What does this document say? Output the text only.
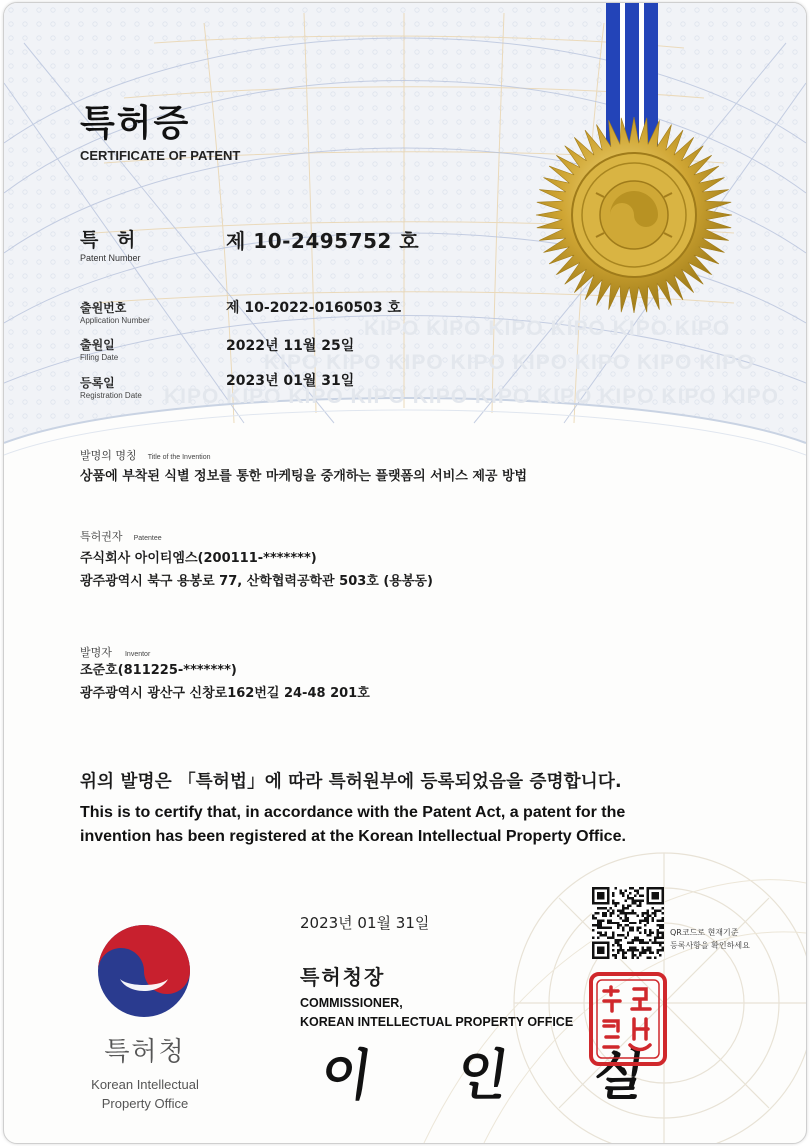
KIPO KIPO KIPO KIPO KIPO KIPO
KIPO KIPO KIPO KIPO KIPO KIPO KIPO KIPO
KIPO KIPO KIPO KIPO KIPO KIPO KIPO KIPO KIPO KIPO
특허증
CERTIFICATE OF PATENT
특 허
Patent Number
제 10-2495752 호
출원번호
Application Number
제 10-2022-0160503 호
출원일
Filing Date
2022년 11월 25일
등록일
Registration Date
2023년 01월 31일
발명의 명칭 Title of the Invention
상품에 부착된 식별 정보를 통한 마케팅을 중개하는 플랫폼의 서비스 제공 방법
특허권자 Patentee
주식회사 아이티엠스(200111-*******)
광주광역시 북구 용봉로 77, 산학협력공학관 503호 (용봉동)
발명자 Inventor
조준호(811225-*******)
광주광역시 광산구 신창로162번길 24-48 201호
위의 발명은 「특허법」에 따라 특허원부에 등록되었음을 증명합니다.
This is to certify that, in accordance with the Patent Act, a patent for the
invention has been registered at the Korean Intellectual Property Office.
2023년 01월 31일
특허청장
COMMISSIONER,
KOREAN INTELLECTUAL PROPERTY OFFICE
이 인 실
QR코드로 현재기준
등록사항을 확인하세요
특허청
Korean Intellectual
Property Office
